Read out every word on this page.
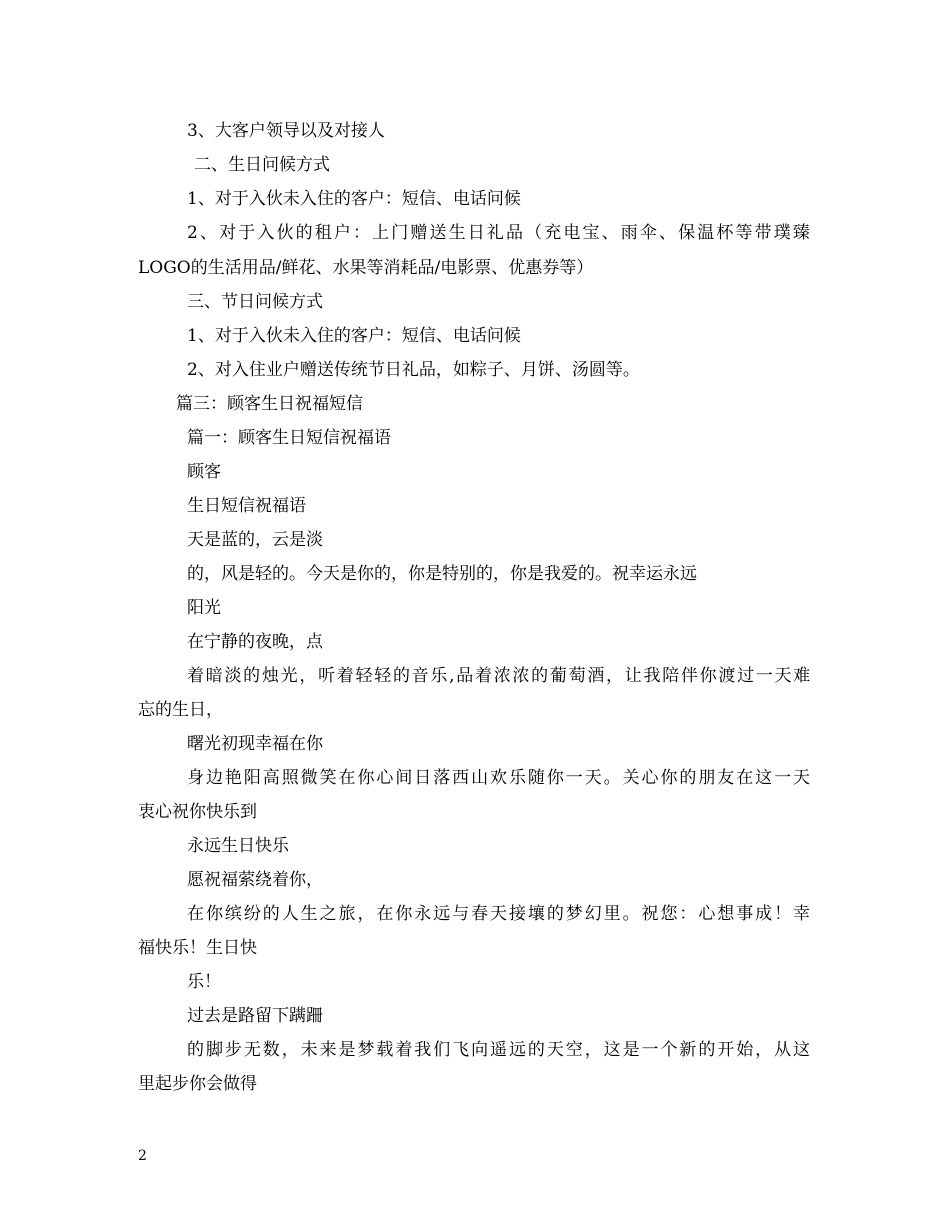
3、大客户领导以及对接人
二、生日问候方式
1、对于入伙未入住的客户：短信、电话问候
2、对于入伙的租户：上门赠送生日礼品（充电宝、雨伞、保温杯等带璞臻
LOGO的生活用品/鲜花、水果等消耗品/电影票、优惠券等）
三、节日问候方式
1、对于入伙未入住的客户：短信、电话问候
2、对入住业户赠送传统节日礼品，如粽子、月饼、汤圆等。
篇三：顾客生日祝福短信
篇一：顾客生日短信祝福语
顾客
生日短信祝福语
天是蓝的，云是淡
的，风是轻的。今天是你的，你是特别的，你是我爱的。祝幸运永远
阳光
在宁静的夜晚，点
着暗淡的烛光，听着轻轻的音乐,品着浓浓的葡萄酒，让我陪伴你渡过一天难
忘的生日，
曙光初现幸福在你
身边艳阳高照微笑在你心间日落西山欢乐随你一天。关心你的朋友在这一天
衷心祝你快乐到
永远生日快乐
愿祝福萦绕着你，
在你缤纷的人生之旅，在你永远与春天接壤的梦幻里。祝您：心想事成！幸
福快乐！生日快
乐！
过去是路留下蹒跚
的脚步无数，未来是梦载着我们飞向遥远的天空，这是一个新的开始，从这
里起步你会做得
2
